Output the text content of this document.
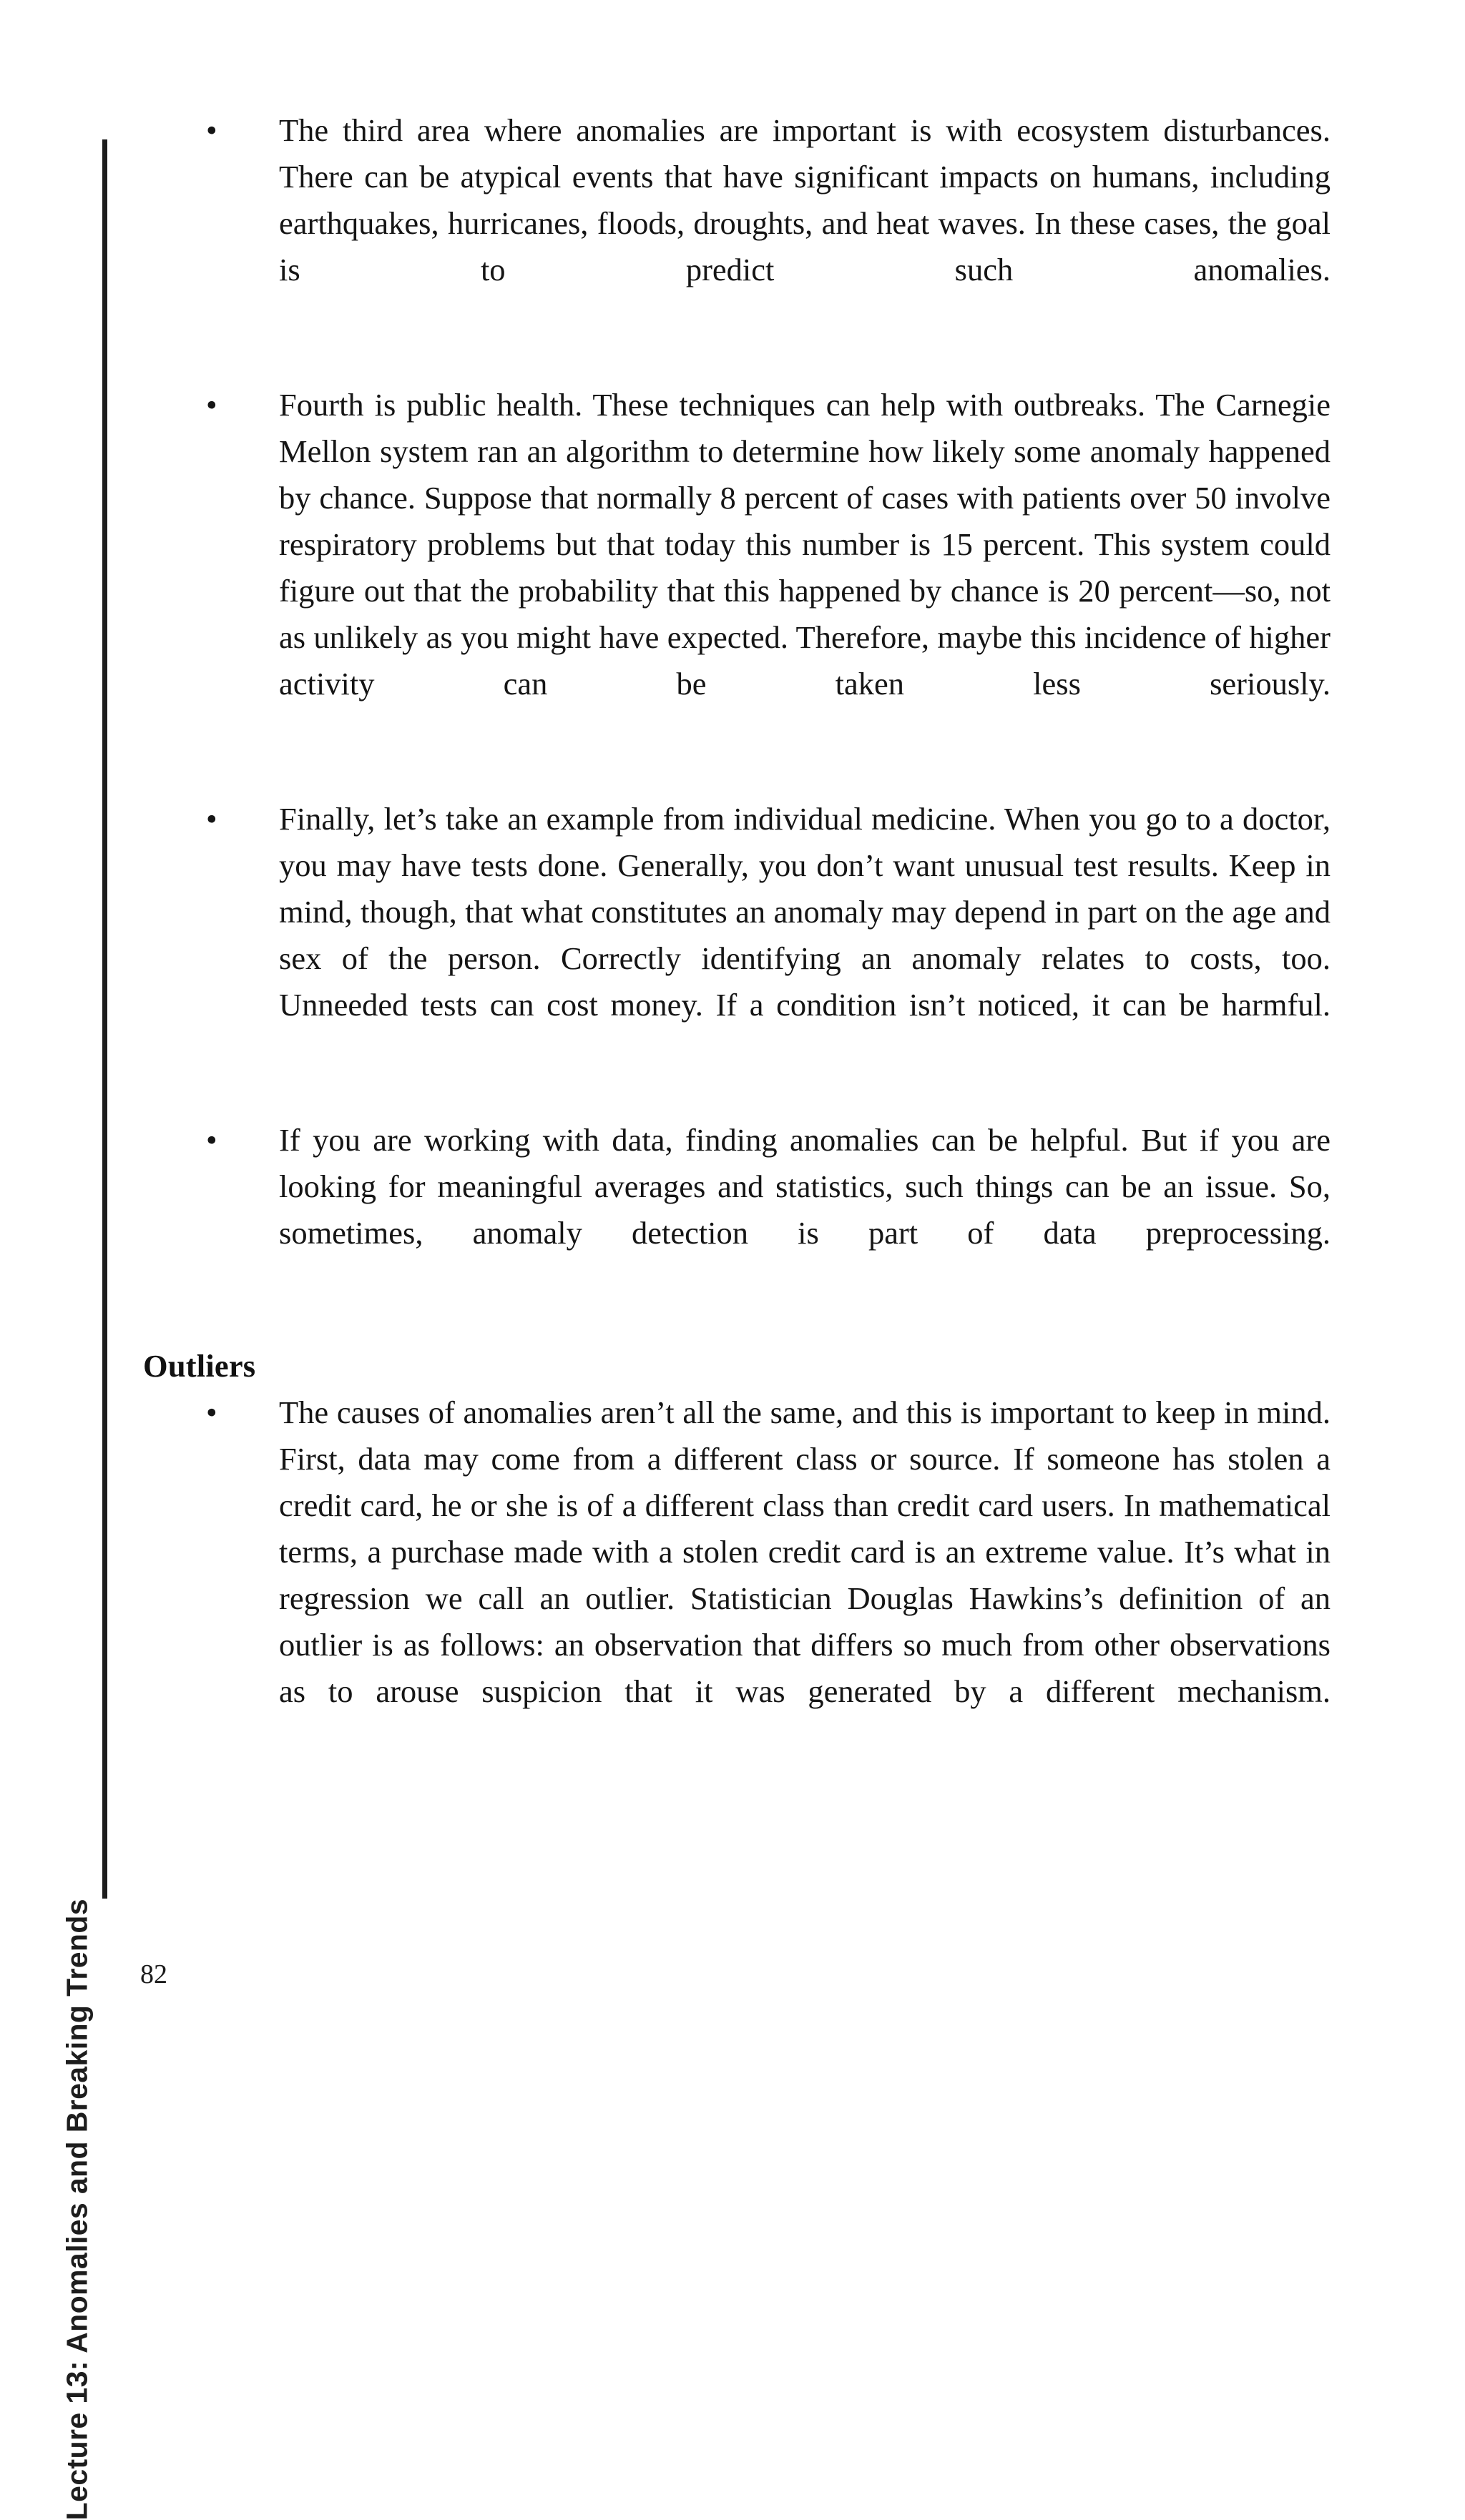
Lecture 13: Anomalies and Breaking Trends
• The third area where anomalies are important is with ecosystem disturbances. There can be atypical events that have significant impacts on humans, including earthquakes, hurricanes, floods, droughts, and heat waves. In these cases, the goal is to predict such anomalies.
• Fourth is public health. These techniques can help with outbreaks. The Carnegie Mellon system ran an algorithm to determine how likely some anomaly happened by chance. Suppose that normally 8 percent of cases with patients over 50 involve respiratory problems but that today this number is 15 percent. This system could figure out that the probability that this happened by chance is 20 percent—so, not as unlikely as you might have expected. Therefore, maybe this incidence of higher activity can be taken less seriously.
• Finally, let’s take an example from individual medicine. When you go to a doctor, you may have tests done. Generally, you don’t want unusual test results. Keep in mind, though, that what constitutes an anomaly may depend in part on the age and sex of the person. Correctly identifying an anomaly relates to costs, too. Unneeded tests can cost money. If a condition isn’t noticed, it can be harmful.
• If you are working with data, finding anomalies can be helpful. But if you are looking for meaningful averages and statistics, such things can be an issue. So, sometimes, anomaly detection is part of data preprocessing.
Outliers
• The causes of anomalies aren’t all the same, and this is important to keep in mind. First, data may come from a different class or source. If someone has stolen a credit card, he or she is of a different class than credit card users. In mathematical terms, a purchase made with a stolen credit card is an extreme value. It’s what in regression we call an outlier. Statistician Douglas Hawkins’s definition of an outlier is as follows: an observation that differs so much from other observations as to arouse suspicion that it was generated by a different mechanism.
82
